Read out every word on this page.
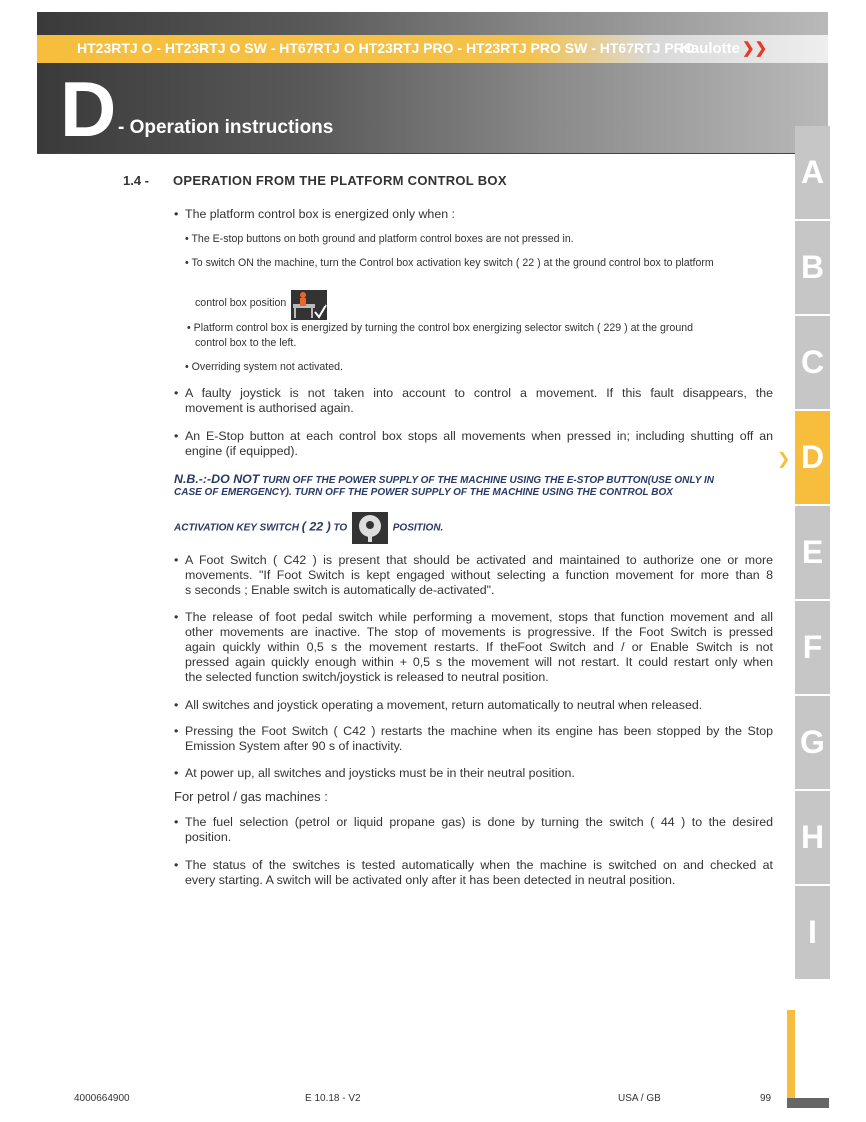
HT23RTJ O - HT23RTJ O SW - HT67RTJ O HT23RTJ PRO - HT23RTJ PRO SW - HT67RTJ PRO
Haulotte ❯❯
D - Operation instructions
A
B
C
❯ D
E
F
G
H
I
1.4 - OPERATION FROM THE PLATFORM CONTROL BOX
• The platform control box is energized only when :
• The E-stop buttons on both ground and platform control boxes are not pressed in.
• To switch ON the machine, turn the Control box activation key switch ( 22 ) at the ground control box to platform
control box position	.
• Platform control box is energized by turning the control box energizing selector switch ( 229 ) at the ground
control box to the left.
• Overriding system not activated.
• A faulty joystick is not taken into account to control a movement. If this fault disappears, the
movement is authorised again.
• An E-Stop button at each control box stops all movements when pressed in; including shutting off an
engine (if equipped).
N.B.-:-DO NOT TURN OFF THE POWER SUPPLY OF THE MACHINE USING THE E-STOP BUTTON(USE ONLY IN
CASE OF EMERGENCY). TURN OFF THE POWER SUPPLY OF THE MACHINE USING THE CONTROL BOX
ACTIVATION KEY SWITCH ( 22 ) TO	POSITION.
• A Foot Switch ( C42 ) is present that should be activated and maintained to authorize one or more
movements. "If Foot Switch is kept engaged without selecting a function movement for more than 8
s seconds ; Enable switch is automatically de-activated".
• The release of foot pedal switch while performing a movement, stops that function movement and all
other movements are inactive. The stop of movements is progressive. If the Foot Switch is pressed
again quickly within 0,5 s the movement restarts. If theFoot Switch and / or Enable Switch is not
pressed again quickly enough within + 0,5 s the movement will not restart. It could restart only when
the selected function switch/joystick is released to neutral position.
• All switches and joystick operating a movement, return automatically to neutral when released.
• Pressing the Foot Switch ( C42 ) restarts the machine when its engine has been stopped by the Stop
Emission System after 90 s of inactivity.
• At power up, all switches and joysticks must be in their neutral position.
For petrol / gas machines :
• The fuel selection (petrol or liquid propane gas) is done by turning the switch ( 44 ) to the desired
position.
• The status of the switches is tested automatically when the machine is switched on and checked at
every starting. A switch will be activated only after it has been detected in neutral position.
4000664900	E 10.18 - V2	USA / GB	99
